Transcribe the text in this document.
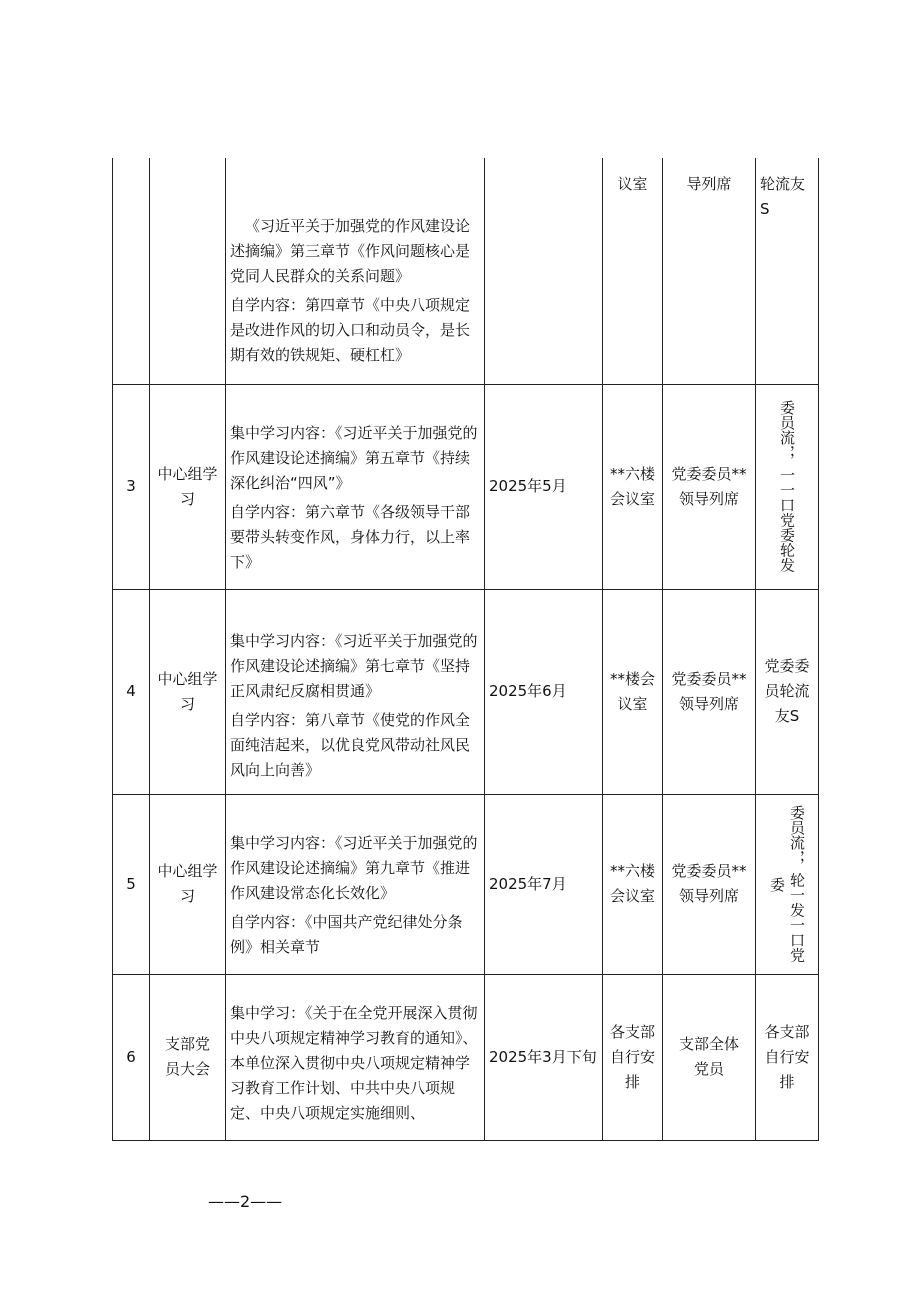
		《习近平关于加强党的作风建设论述摘编》第三章节《作风问题核心是党同人民群众的关系问题》

自学内容：第四章节《中央八项规定是改进作风的切入口和动员令，是长期有效的铁规矩、硬杠杠》		议室	导列席	轮流友S
3	中心组学习	集中学习内容：《习近平关于加强党的作风建设论述摘编》第五章节《持续深化纠治“四风”》

自学内容：第六章节《各级领导干部要带头转变作风，身体力行，以上率下》	2025年5月	**六楼会议室	党委委员**领导列席	委员流，，一一口党委轮发

4	中心组学习	集中学习内容：《习近平关于加强党的作风建设论述摘编》第七章节《坚持正风肃纪反腐相贯通》

自学内容：第八章节《使党的作风全面纯洁起来，以优良党风带动社风民风向上向善》	2025年6月	**楼会议室	党委委员**领导列席	党委委员轮流友S
5	中心组学习	集中学习内容：《习近平关于加强党的作风建设论述摘编》第九章节《推进作风建设常态化长效化》

自学内容：《中国共产党纪律处分条例》相关章节	2025年7月	**六楼会议室	党委委员**领导列席	委员流，，轮一发一口党委

6	支部党员大会	集中学习：《关于在全党开展深入贯彻中央八项规定精神学习教育的通知》、本单位深入贯彻中央八项规定精神学习教育工作计划、中共中央八项规定、中央八项规定实施细则、	2025年3月下旬	各支部自行安排	支部全体党员	各支部自行安排
——2——
